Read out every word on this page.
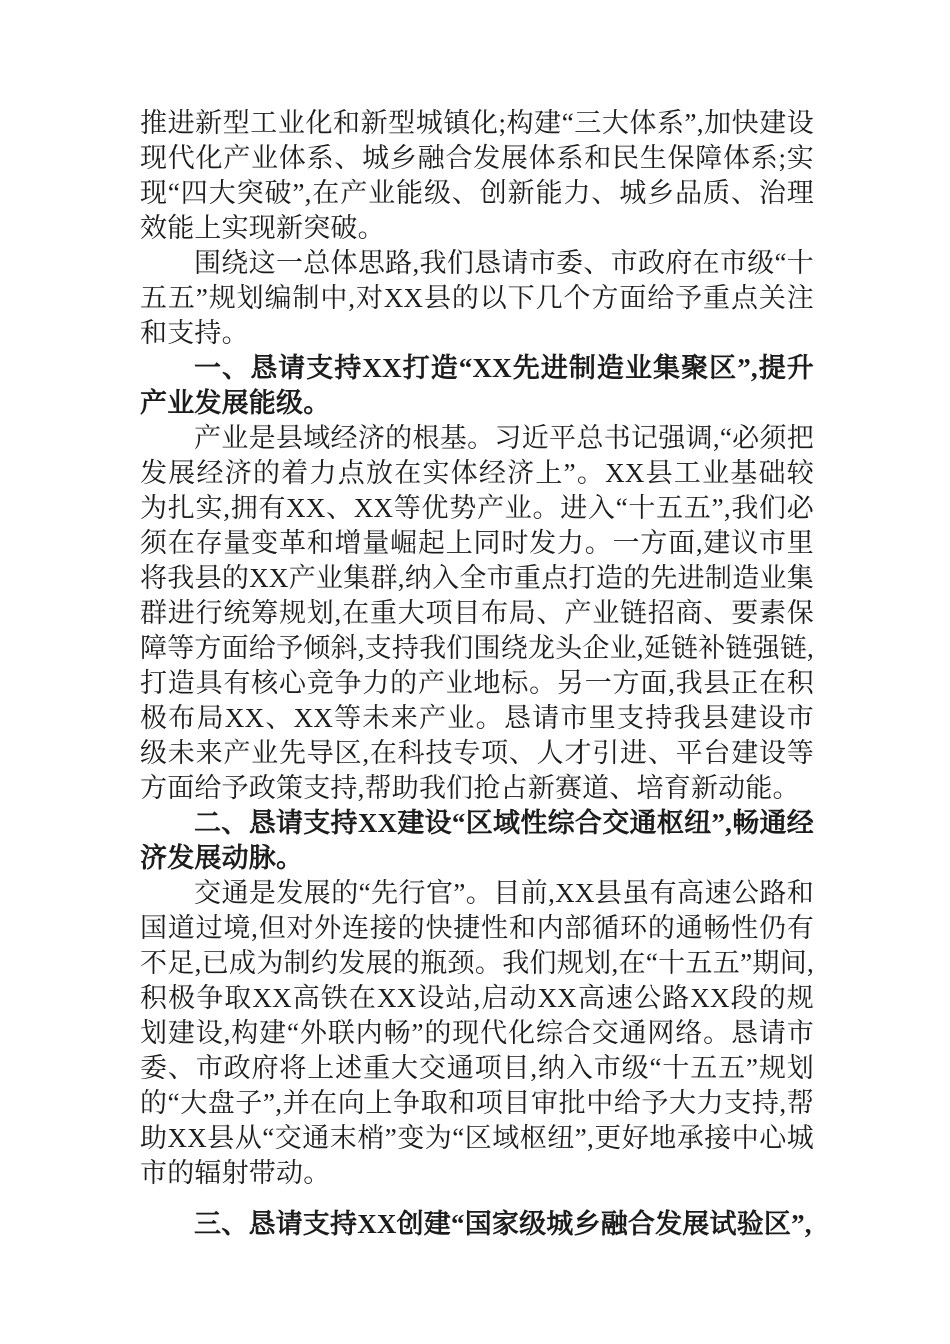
推进新型工业化和新型城镇化;构建“三大体系”,加快建设现代化产业体系、城乡融合发展体系和民生保障体系;实现“四大突破”,在产业能级、创新能力、城乡品质、治理效能上实现新突破。

围绕这一总体思路,我们恳请市委、市政府在市级“十五五”规划编制中,对XX县的以下几个方面给予重点关注和支持。

一、恳请支持XX打造“XX先进制造业集聚区”,提升产业发展能级。

产业是县域经济的根基。习近平总书记强调,“必须把发展经济的着力点放在实体经济上”。XX县工业基础较为扎实,拥有XX、XX等优势产业。进入“十五五”,我们必须在存量变革和增量崛起上同时发力。一方面,建议市里将我县的XX产业集群,纳入全市重点打造的先进制造业集群进行统筹规划,在重大项目布局、产业链招商、要素保障等方面给予倾斜,支持我们围绕龙头企业,延链补链强链,打造具有核心竞争力的产业地标。另一方面,我县正在积极布局XX、XX等未来产业。恳请市里支持我县建设市级未来产业先导区,在科技专项、人才引进、平台建设等方面给予政策支持,帮助我们抢占新赛道、培育新动能。

二、恳请支持XX建设“区域性综合交通枢纽”,畅通经济发展动脉。

交通是发展的“先行官”。目前,XX县虽有高速公路和国道过境,但对外连接的快捷性和内部循环的通畅性仍有不足,已成为制约发展的瓶颈。我们规划,在“十五五”期间,积极争取XX高铁在XX设站,启动XX高速公路XX段的规划建设,构建“外联内畅”的现代化综合交通网络。恳请市委、市政府将上述重大交通项目,纳入市级“十五五”规划的“大盘子”,并在向上争取和项目审批中给予大力支持,帮助XX县从“交通末梢”变为“区域枢纽”,更好地承接中心城市的辐射带动。

三、恳请支持XX创建“国家级城乡融合发展试验区”,
